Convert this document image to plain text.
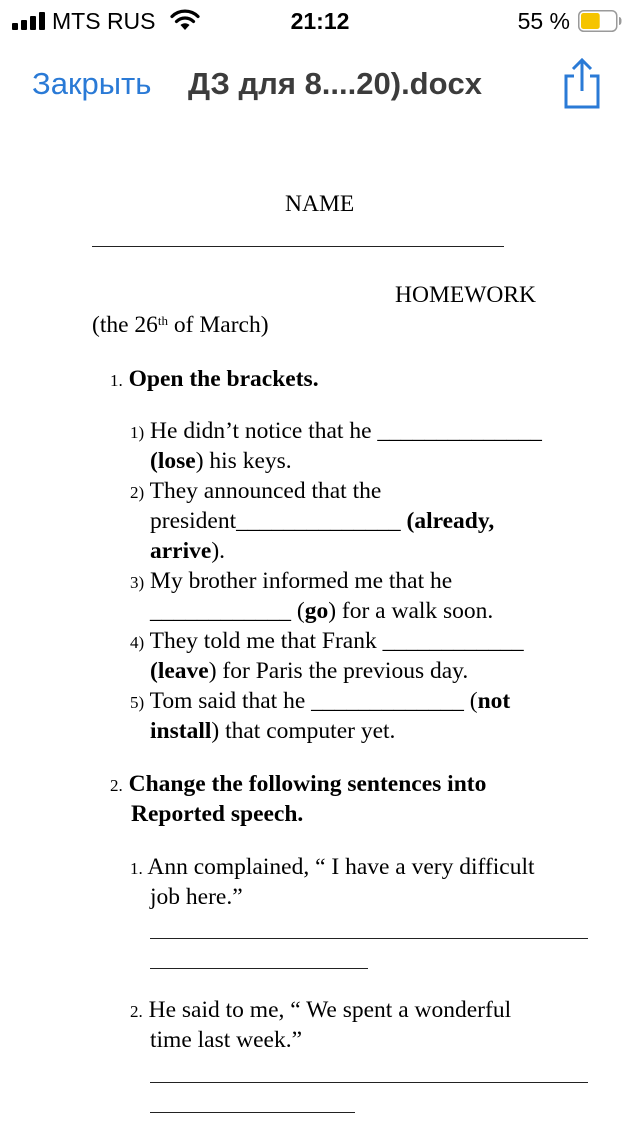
MTS RUS	21:12	55 %
Закрыть ДЗ для 8....20).docx
NAME
HOMEWORK
(the 26th of March)
1. Open the brackets.
1) He didn’t notice that he ______________
(lose) his keys.
2) They announced that the
president______________ (already,
arrive).
3) My brother informed me that he
____________ (go) for a walk soon.
4) They told me that Frank ____________
(leave) for Paris the previous day.
5) Tom said that he _____________ (not
install) that computer yet.
2. Change the following sentences into
Reported speech.
1. Ann complained, “ I have a very difficult
job here.”
2. He said to me, “ We spent a wonderful
time last week.”
